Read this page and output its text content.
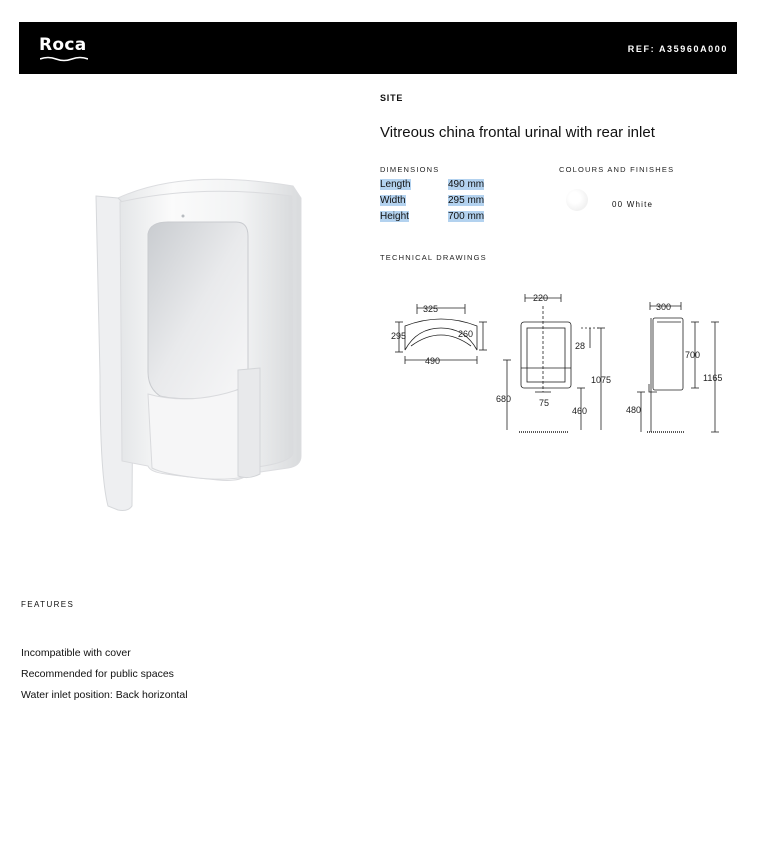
Roca	REF: A35960A000
SITE
Vitreous china frontal urinal with rear inlet
DIMENSIONS
Length	490 mm
Width	295 mm
Height	700 mm
COLOURS AND FINISHES
00 White
TECHNICAL DRAWINGS
325
295	260
490
220
28
1075
680	75
460
300
700
1165
480
FEATURES
Incompatible with cover
Recommended for public spaces
Water inlet position: Back horizontal
